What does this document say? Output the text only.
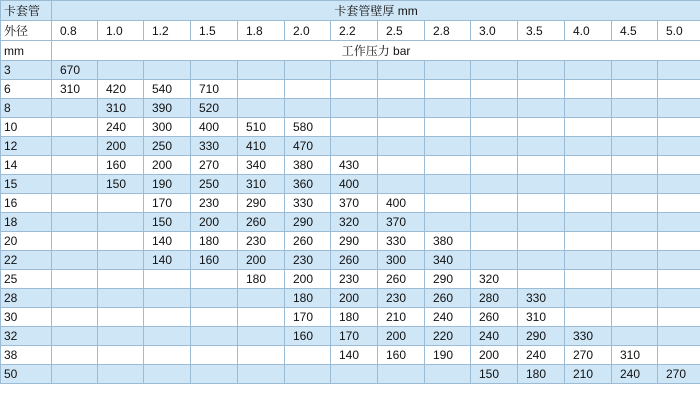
卡套管	卡套管壁厚 mm													
外径	0.8	1.0	1.2	1.5	1.8	2.0	2.2	2.5	2.8	3.0	3.5	4.0	4.5	5.0
mm	工作压力 bar													
3	670													
6	310	420	540	710										
8		310	390	520										
10		240	300	400	510	580								
12		200	250	330	410	470								
14		160	200	270	340	380	430							
15		150	190	250	310	360	400							
16			170	230	290	330	370	400						
18			150	200	260	290	320	370						
20			140	180	230	260	290	330	380					
22			140	160	200	230	260	300	340					
25					180	200	230	260	290	320				
28						180	200	230	260	280	330			
30						170	180	210	240	260	310			
32						160	170	200	220	240	290	330		
38							140	160	190	200	240	270	310	
50										150	180	210	240	270
